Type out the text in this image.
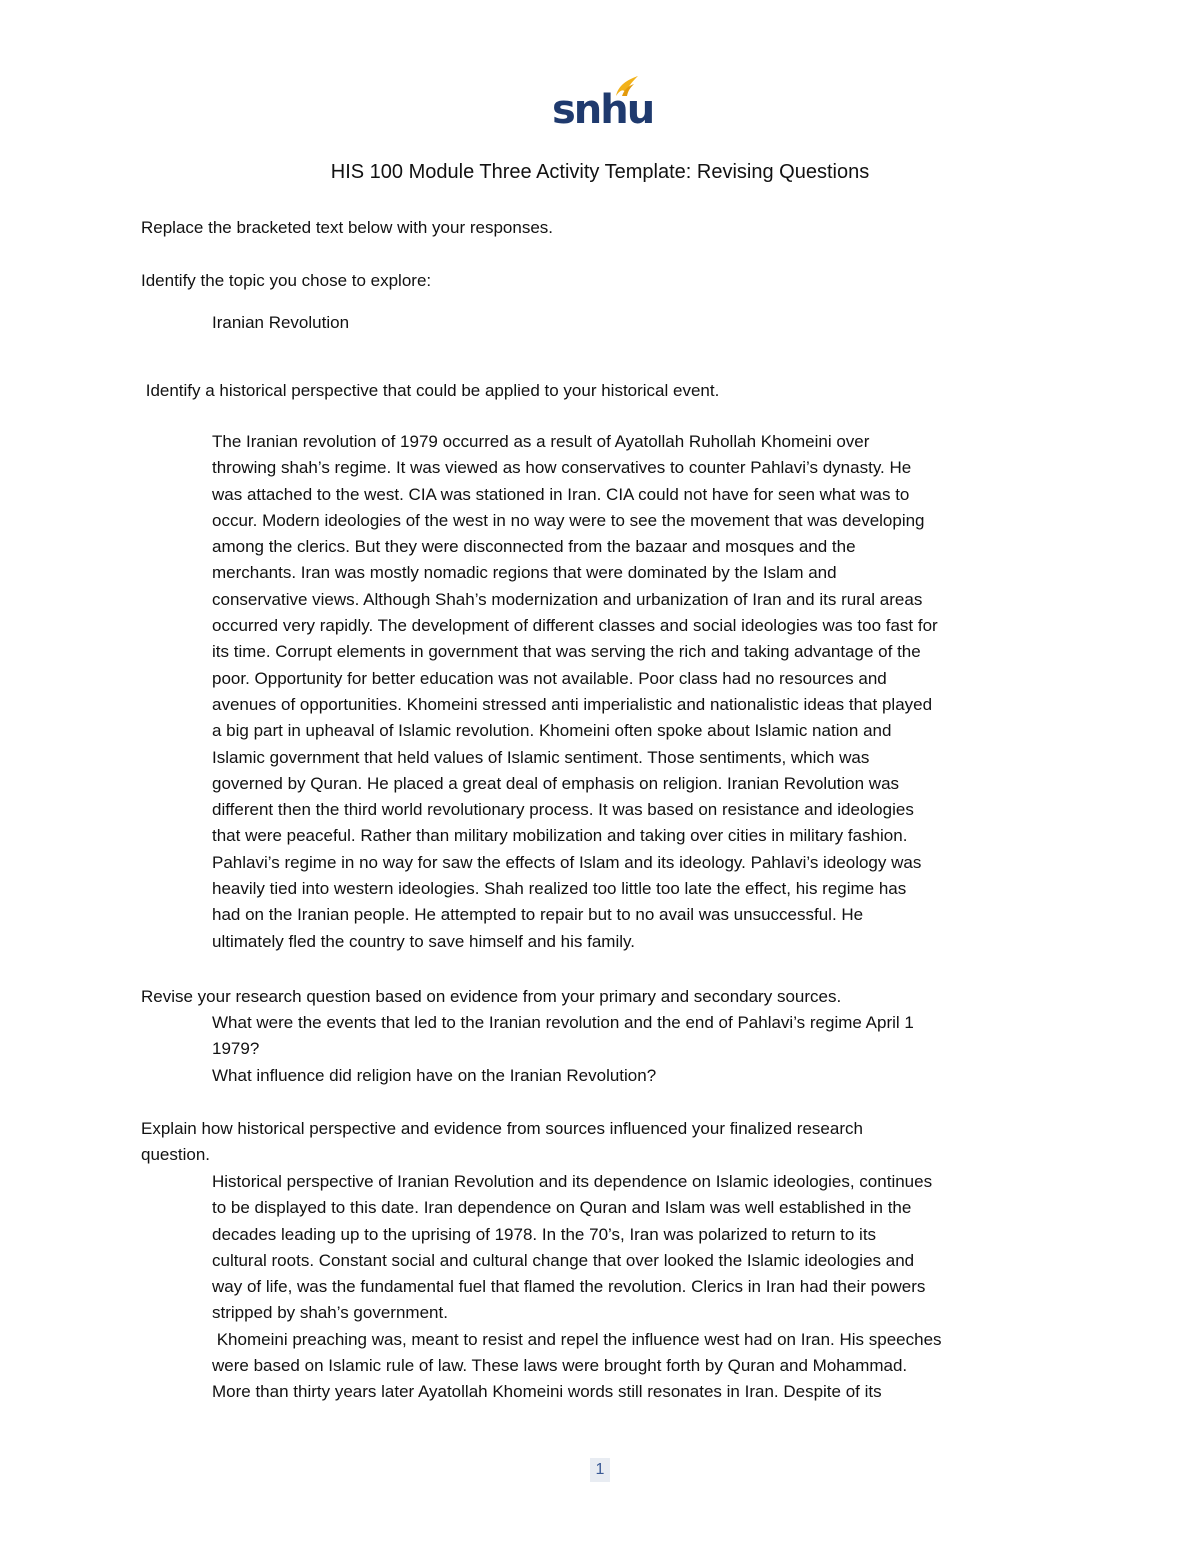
snhu
HIS 100 Module Three Activity Template: Revising Questions
Replace the bracketed text below with your responses.
Identify the topic you chose to explore:
Iranian Revolution
Identify a historical perspective that could be applied to your historical event.

The Iranian revolution of 1979 occurred as a result of Ayatollah Ruhollah Khomeini over

throwing shah’s regime. It was viewed as how conservatives to counter Pahlavi’s dynasty. He

was attached to the west. CIA was stationed in Iran. CIA could not have for seen what was to

occur. Modern ideologies of the west in no way were to see the movement that was developing

among the clerics. But they were disconnected from the bazaar and mosques and the

merchants. Iran was mostly nomadic regions that were dominated by the Islam and

conservative views. Although Shah’s modernization and urbanization of Iran and its rural areas

occurred very rapidly. The development of different classes and social ideologies was too fast for

its time. Corrupt elements in government that was serving the rich and taking advantage of the

poor. Opportunity for better education was not available. Poor class had no resources and

avenues of opportunities. Khomeini stressed anti imperialistic and nationalistic ideas that played

a big part in upheaval of Islamic revolution. Khomeini often spoke about Islamic nation and

Islamic government that held values of Islamic sentiment. Those sentiments, which was

governed by Quran. He placed a great deal of emphasis on religion. Iranian Revolution was

different then the third world revolutionary process. It was based on resistance and ideologies

that were peaceful. Rather than military mobilization and taking over cities in military fashion.

Pahlavi’s regime in no way for saw the effects of Islam and its ideology. Pahlavi’s ideology was

heavily tied into western ideologies. Shah realized too little too late the effect, his regime has

had on the Iranian people. He attempted to repair but to no avail was unsuccessful. He

ultimately fled the country to save himself and his family.

Revise your research question based on evidence from your primary and secondary sources.

What were the events that led to the Iranian revolution and the end of Pahlavi’s regime April 1

1979?

What influence did religion have on the Iranian Revolution?

Explain how historical perspective and evidence from sources influenced your finalized research

question.

Historical perspective of Iranian Revolution and its dependence on Islamic ideologies, continues

to be displayed to this date. Iran dependence on Quran and Islam was well established in the

decades leading up to the uprising of 1978. In the 70’s, Iran was polarized to return to its

cultural roots. Constant social and cultural change that over looked the Islamic ideologies and

way of life, was the fundamental fuel that flamed the revolution. Clerics in Iran had their powers

stripped by shah’s government.

Khomeini preaching was, meant to resist and repel the influence west had on Iran. His speeches

were based on Islamic rule of law. These laws were brought forth by Quran and Mohammad.

More than thirty years later Ayatollah Khomeini words still resonates in Iran. Despite of its

1
